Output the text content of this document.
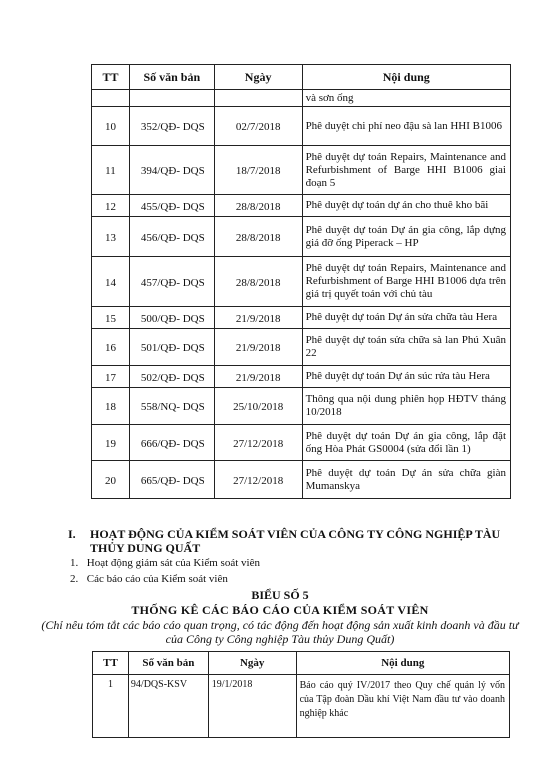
TT	Số văn bản	Ngày	Nội dung
			và sơn ống
10	352/QĐ- DQS	02/7/2018	Phê duyệt chi phí neo đậu sà lan HHI B1006
11	394/QĐ- DQS	18/7/2018	Phê duyệt dự toán Repairs, Maintenance and Refurbishment of Barge HHI B1006 giai đoạn 5
12	455/QĐ- DQS	28/8/2018	Phê duyệt dự toán dự án cho thuê kho bãi
13	456/QĐ- DQS	28/8/2018	Phê duyệt dự toán Dự án gia công, lắp dựng giá đỡ ống Piperack – HP
14	457/QĐ- DQS	28/8/2018	Phê duyệt dự toán Repairs, Maintenance and Refurbishment of Barge HHI B1006 dựa trên giá trị quyết toán với chủ tàu
15	500/QĐ- DQS	21/9/2018	Phê duyệt dự toán Dự án sửa chữa tàu Hera
16	501/QĐ- DQS	21/9/2018	Phê duyệt dự toán sửa chữa sà lan Phú Xuân 22
17	502/QĐ- DQS	21/9/2018	Phê duyệt dự toán Dự án súc rửa tàu Hera
18	558/NQ- DQS	25/10/2018	Thông qua nội dung phiên họp HĐTV tháng 10/2018
19	666/QĐ- DQS	27/12/2018	Phê duyệt dự toán Dự án gia công, lắp đặt ống Hòa Phát GS0004 (sửa đổi lần 1)
20	665/QĐ- DQS	27/12/2018	Phê duyệt dự toán Dự án sửa chữa giàn Mumanskya
I. HOẠT ĐỘNG CỦA KIỂM SOÁT VIÊN CỦA CÔNG TY CÔNG NGHIỆP TÀU THỦY DUNG QUẤT
1. Hoạt động giám sát của Kiểm soát viên
2. Các báo cáo của Kiểm soát viên
BIỂU SỐ 5
THỐNG KÊ CÁC BÁO CÁO CỦA KIỂM SOÁT VIÊN
(Chỉ nêu tóm tắt các báo cáo quan trọng, có tác động đến hoạt động sản xuất kinh doanh và đầu tư của Công ty Công nghiệp Tàu thủy Dung Quất)
TT	Số văn bản	Ngày	Nội dung
1	94/DQS-KSV	19/1/2018	Báo cáo quý IV/2017 theo Quy chế quản lý vốn của Tập đoàn Dầu khí Việt Nam đầu tư vào doanh nghiệp khác
